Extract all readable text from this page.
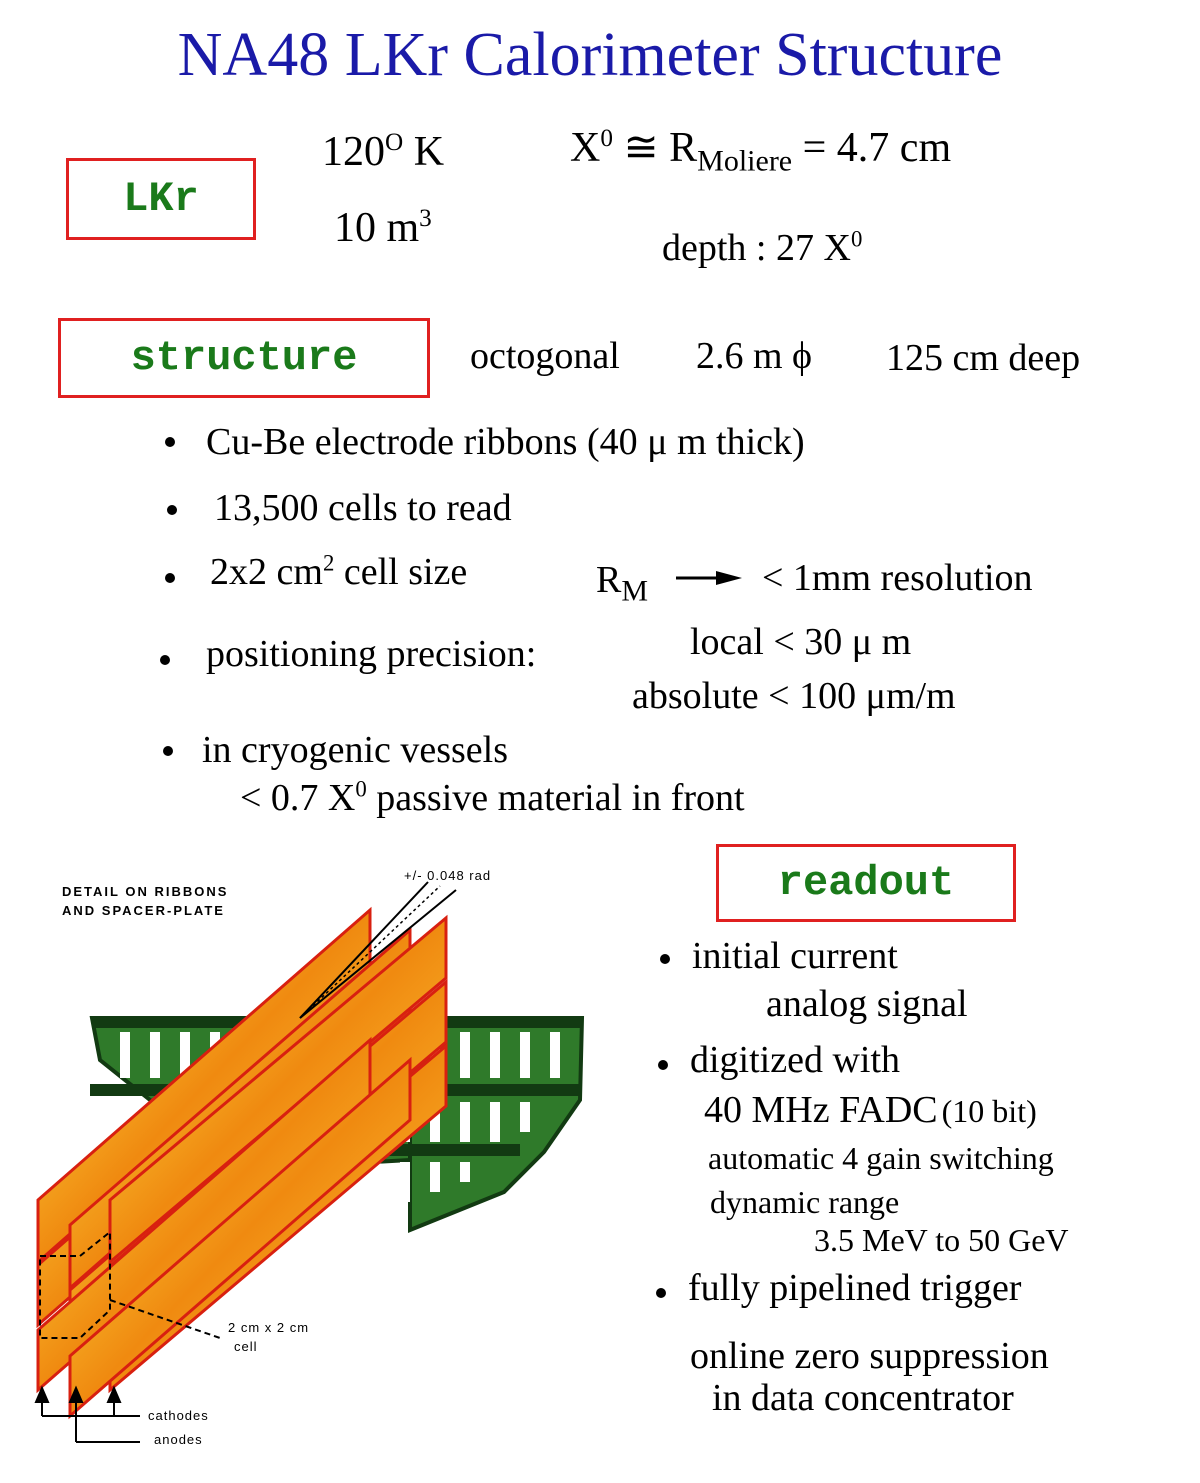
NA48 LKr Calorimeter Structure
LKr
$120^O$ K
10 $m^3$
$X^0$ ≅ $R_{Moliere} = 4.7$ cm
depth : 27 $X^0$
structure	octogonal 2.6 m ϕ 125 cm deep
Cu-Be electrode ribbons (40 μ m thick)
13,500 cells to read
2x2 $cm^2$ cell size	$R_M$	< 1mm resolution
positioning precision:	local < 30 μ m
absolute < 100 μm/m
in cryogenic vessels
< 0.7 $X^0$ passive material in front
DETAIL ON RIBBONS
AND SPACER-PLATE
+/- 0.048 rad
2 cm x 2 cm
cell
cathodes
anodes
readout
initial current
analog signal
digitized with
40 MHz FADC (10 bit)
automatic 4 gain switching
dynamic range
3.5 MeV to 50 GeV
fully pipelined trigger
online zero suppression
in data concentrator
